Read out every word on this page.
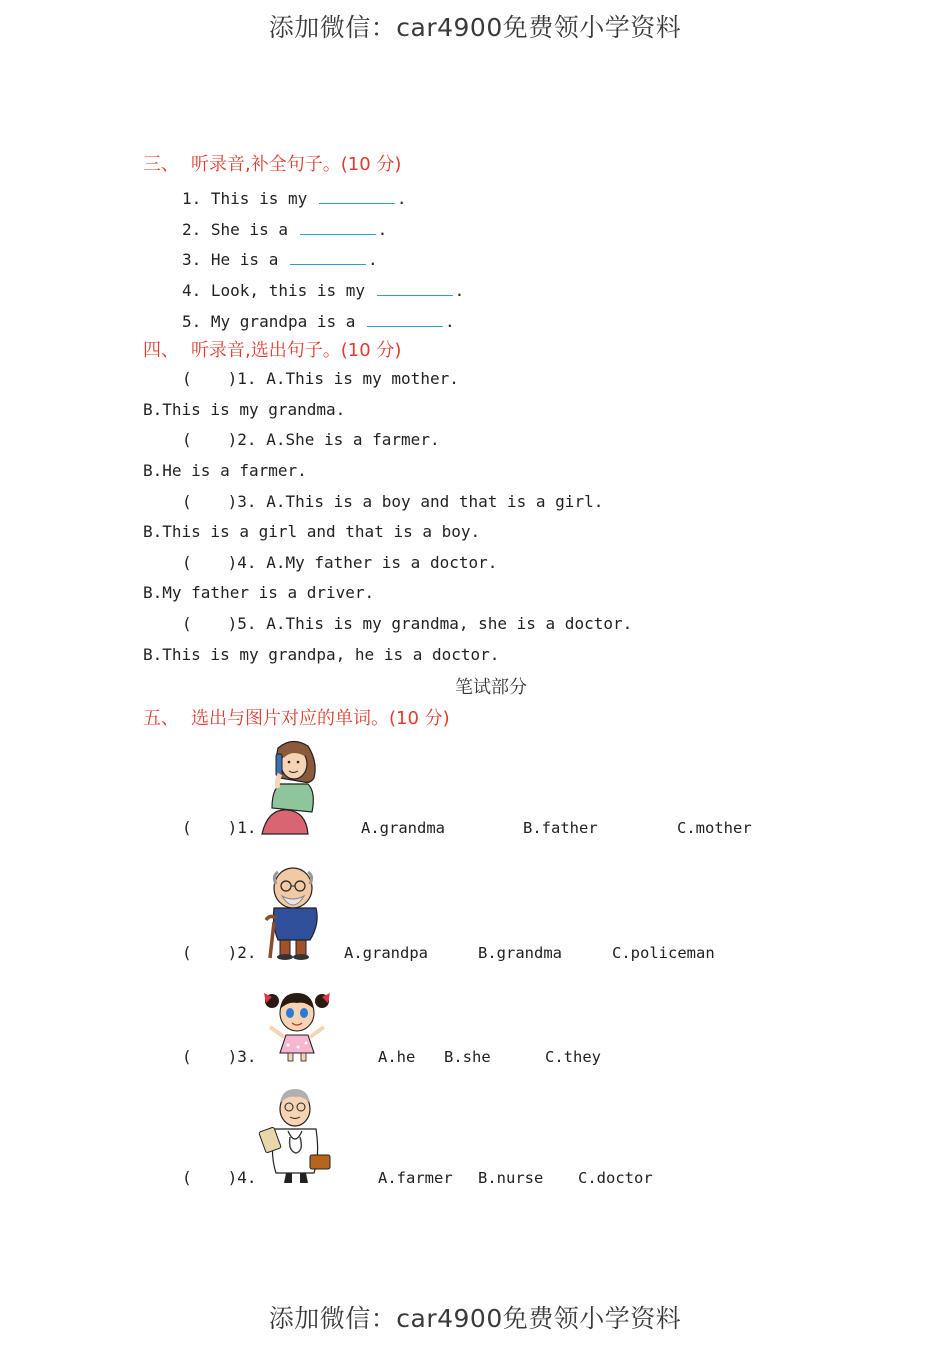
添加微信：car4900免费领小学资料
三、 听录音,补全句子。(10 分)
1. This is my	.
2. She is a	.
3. He is a	.
4. Look, this is my	.
5. My grandpa is a	.
四、 听录音,选出句子。(10 分)
( )1. A.This is my mother.
B.This is my grandma.
( )2. A.She is a farmer.
B.He is a farmer.
( )3. A.This is a boy and that is a girl.
B.This is a girl and that is a boy.
( )4. A.My father is a doctor.
B.My father is a driver.
( )5. A.This is my grandma, she is a doctor.
B.This is my grandpa, he is a doctor.
笔试部分
五、 选出与图片对应的单词。(10 分)
( )1.	A.grandma	B.father	C.mother
( )2.	A.grandpa	B.grandma	C.policeman
( )3.	A.he B.she	C.they
( )4.	A.farmer B.nurse C.doctor
添加微信：car4900免费领小学资料
